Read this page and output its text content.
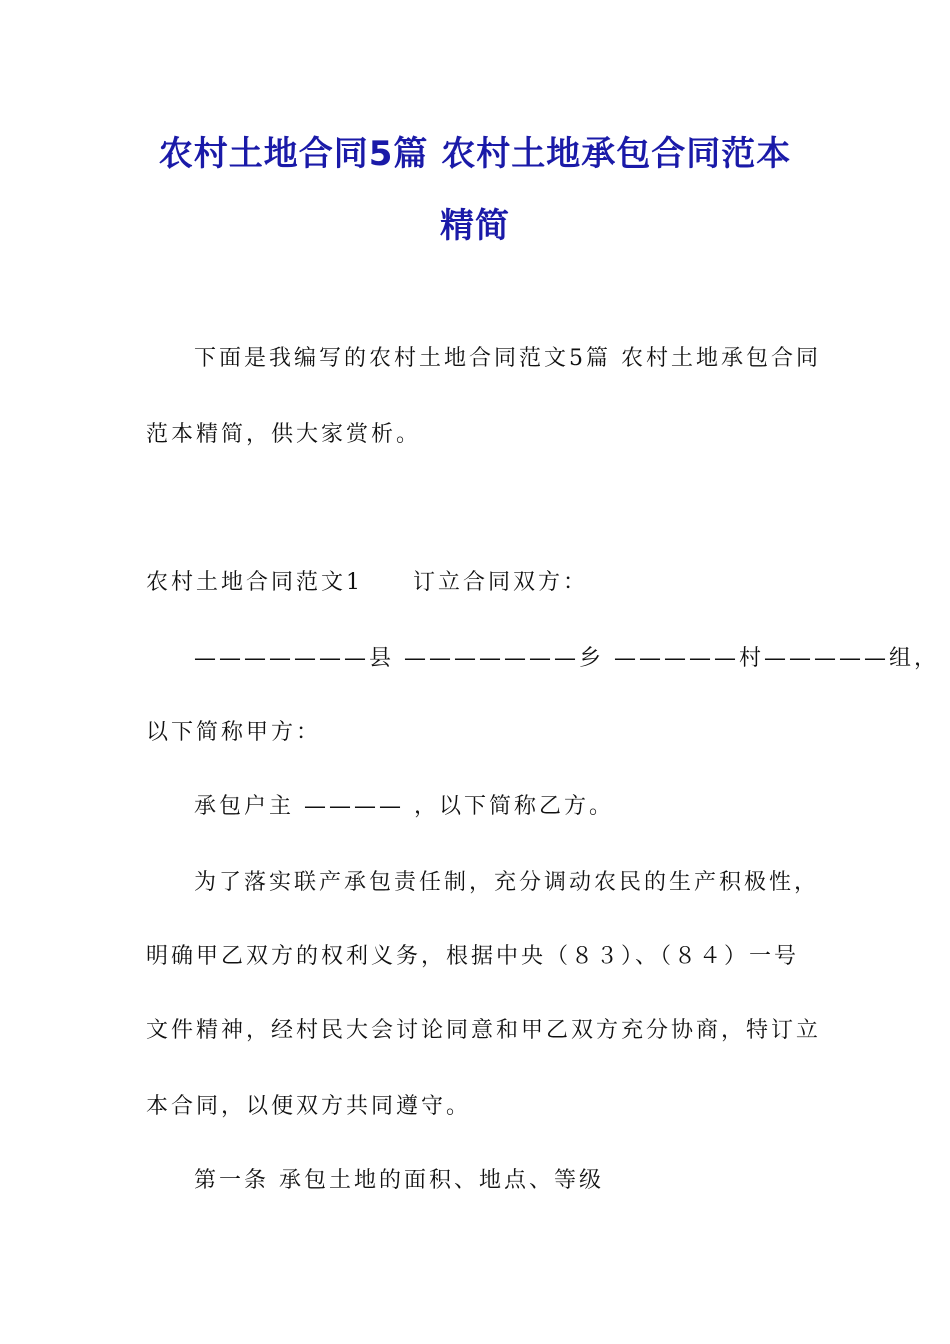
农村土地合同5篇 农村土地承包合同范本
精简

下面是我编写的农村土地合同范文5篇 农村土地承包合同

范本精简，供大家赏析。

农村土地合同范文1　　订立合同双方：

———————县 ———————乡 —————村—————组，

以下简称甲方：

承包户主 ———— ，以下简称乙方。

为了落实联产承包责任制，充分调动农民的生产积极性，

明确甲乙双方的权利义务，根据中央（８３）、（８４）一号

文件精神，经村民大会讨论同意和甲乙双方充分协商，特订立

本合同，以便双方共同遵守。

第一条 承包土地的面积、地点、等级
